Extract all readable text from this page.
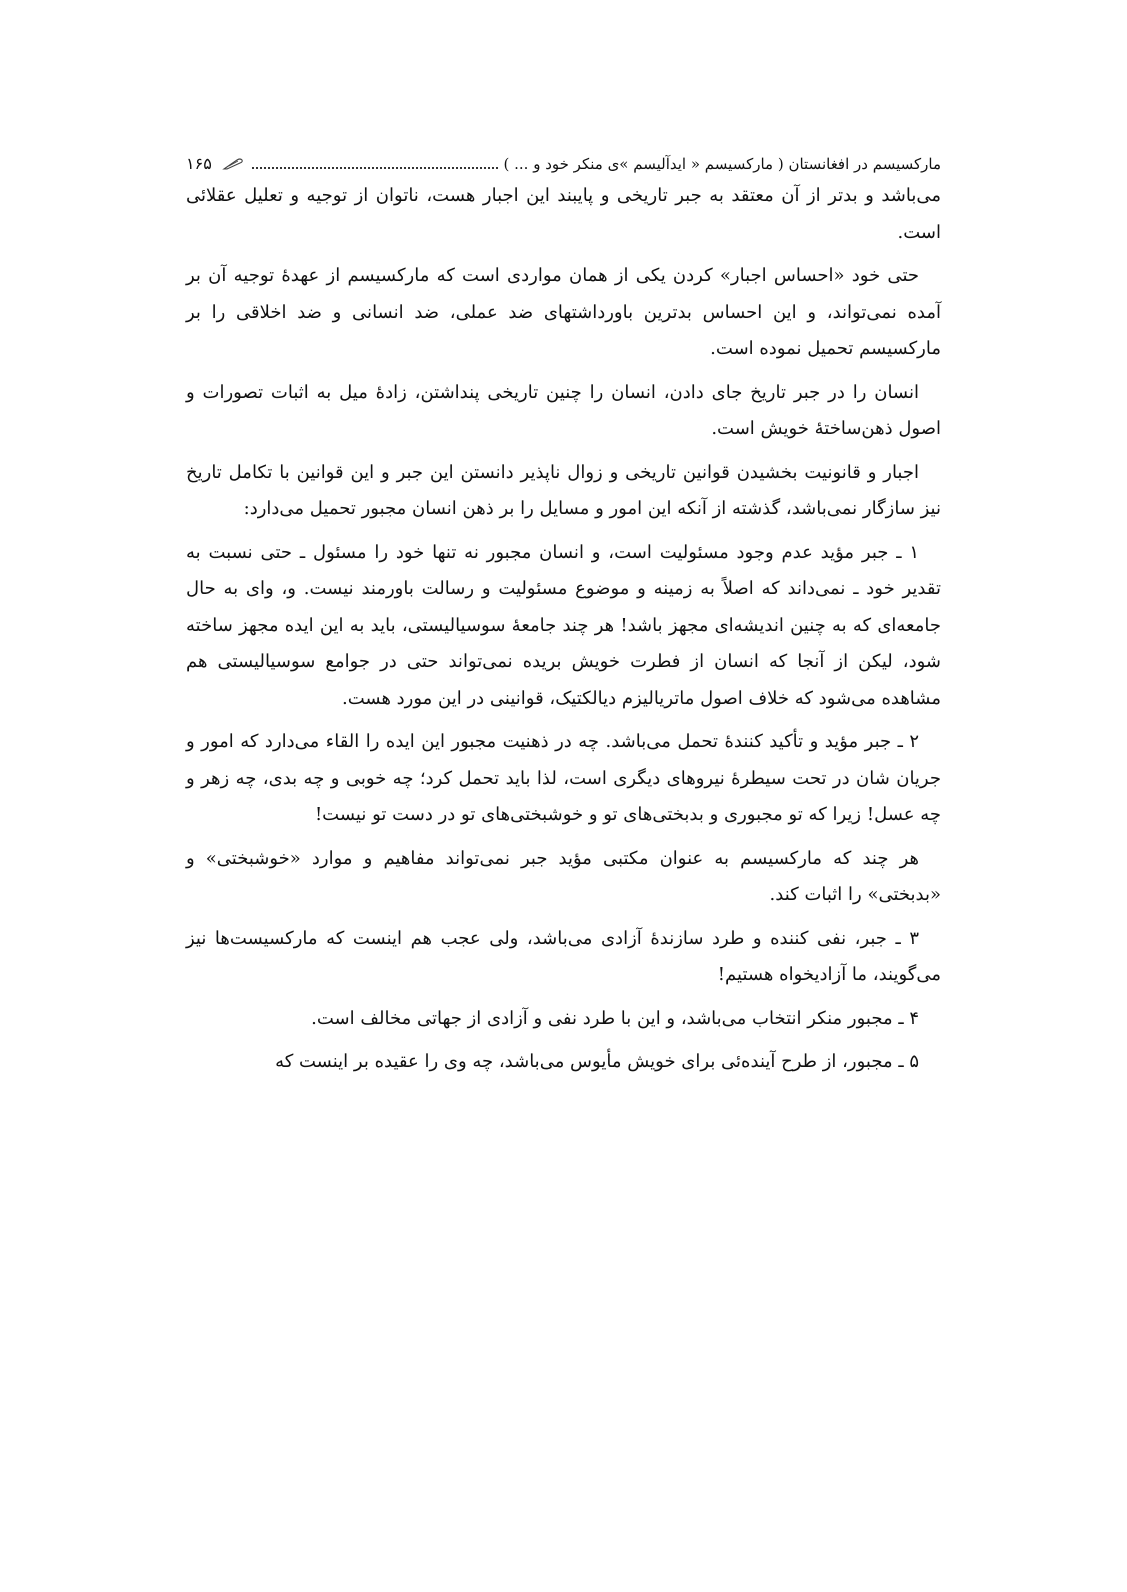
مارکسیسم در افغانستان ( مارکسیسم « ایدآلیسم »ی منکر خود و ... )
۱۶۵

می‌باشد و بدتر از آن معتقد به جبر تاریخی و پایبند این اجبار هست، ناتوان از توجیه و تعلیل عقلائی است.

حتی خود «احساس اجبار» کردن یکی از همان مواردی است که مارکسیسم از عهدهٔ توجیه آن بر آمده نمی‌تواند، و این احساس بدترین باورداشتهای ضد عملی، ضد انسانی و ضد اخلاقی را بر مارکسیسم تحمیل نموده است.

انسان را در جبر تاریخ جای دادن، انسان را چنین تاریخی پنداشتن، زادهٔ میل به اثبات تصورات و اصول ذهن‌ساختهٔ خویش است.

اجبار و قانونیت بخشیدن قوانین تاریخی و زوال ناپذیر دانستن این جبر و این قوانین با تکامل تاریخ نیز سازگار نمی‌باشد، گذشته از آنکه این امور و مسایل را بر ذهن انسان مجبور تحمیل می‌دارد:

۱ ـ جبر مؤید عدم وجود مسئولیت است، و انسان مجبور نه تنها خود را مسئول ـ حتی نسبت به تقدیر خود ـ نمی‌داند که اصلاً به زمینه و موضوع مسئولیت و رسالت باورمند نیست. و، وای به حال جامعه‌ای که به چنین اندیشه‌ای مجهز باشد! هر چند جامعهٔ سوسیالیستی، باید به این ایده مجهز ساخته شود، لیکن از آنجا که انسان از فطرت خویش بریده نمی‌تواند حتی در جوامع سوسیالیستی هم مشاهده می‌شود که خلاف اصول ماتریالیزم دیالکتیک، قوانینی در این مورد هست.

۲ ـ جبر مؤید و تأکید کنندهٔ تحمل می‌باشد. چه در ذهنیت مجبور این ایده را القاء می‌دارد که امور و جریان شان در تحت سیطرهٔ نیروهای دیگری است، لذا باید تحمل کرد؛ چه خوبی و چه بدی، چه زهر و چه عسل! زیرا که تو مجبوری و بدبختی‌های تو و خوشبختی‌های تو در دست تو نیست!

هر چند که مارکسیسم به عنوان مکتبی مؤید جبر نمی‌تواند مفاهیم و موارد «خوشبختی» و «بدبختی» را اثبات کند.

۳ ـ جبر، نفی کننده و طرد سازندهٔ آزادی می‌باشد، ولی عجب هم اینست که مارکسیست‌ها نیز می‌گویند، ما آزادیخواه هستیم!

۴ ـ مجبور منکر انتخاب می‌باشد، و این با طرد نفی و آزادی از جهاتی مخالف است.

۵ ـ مجبور، از طرح آینده‌ئی برای خویش مأیوس می‌باشد، چه وی را عقیده بر اینست که
